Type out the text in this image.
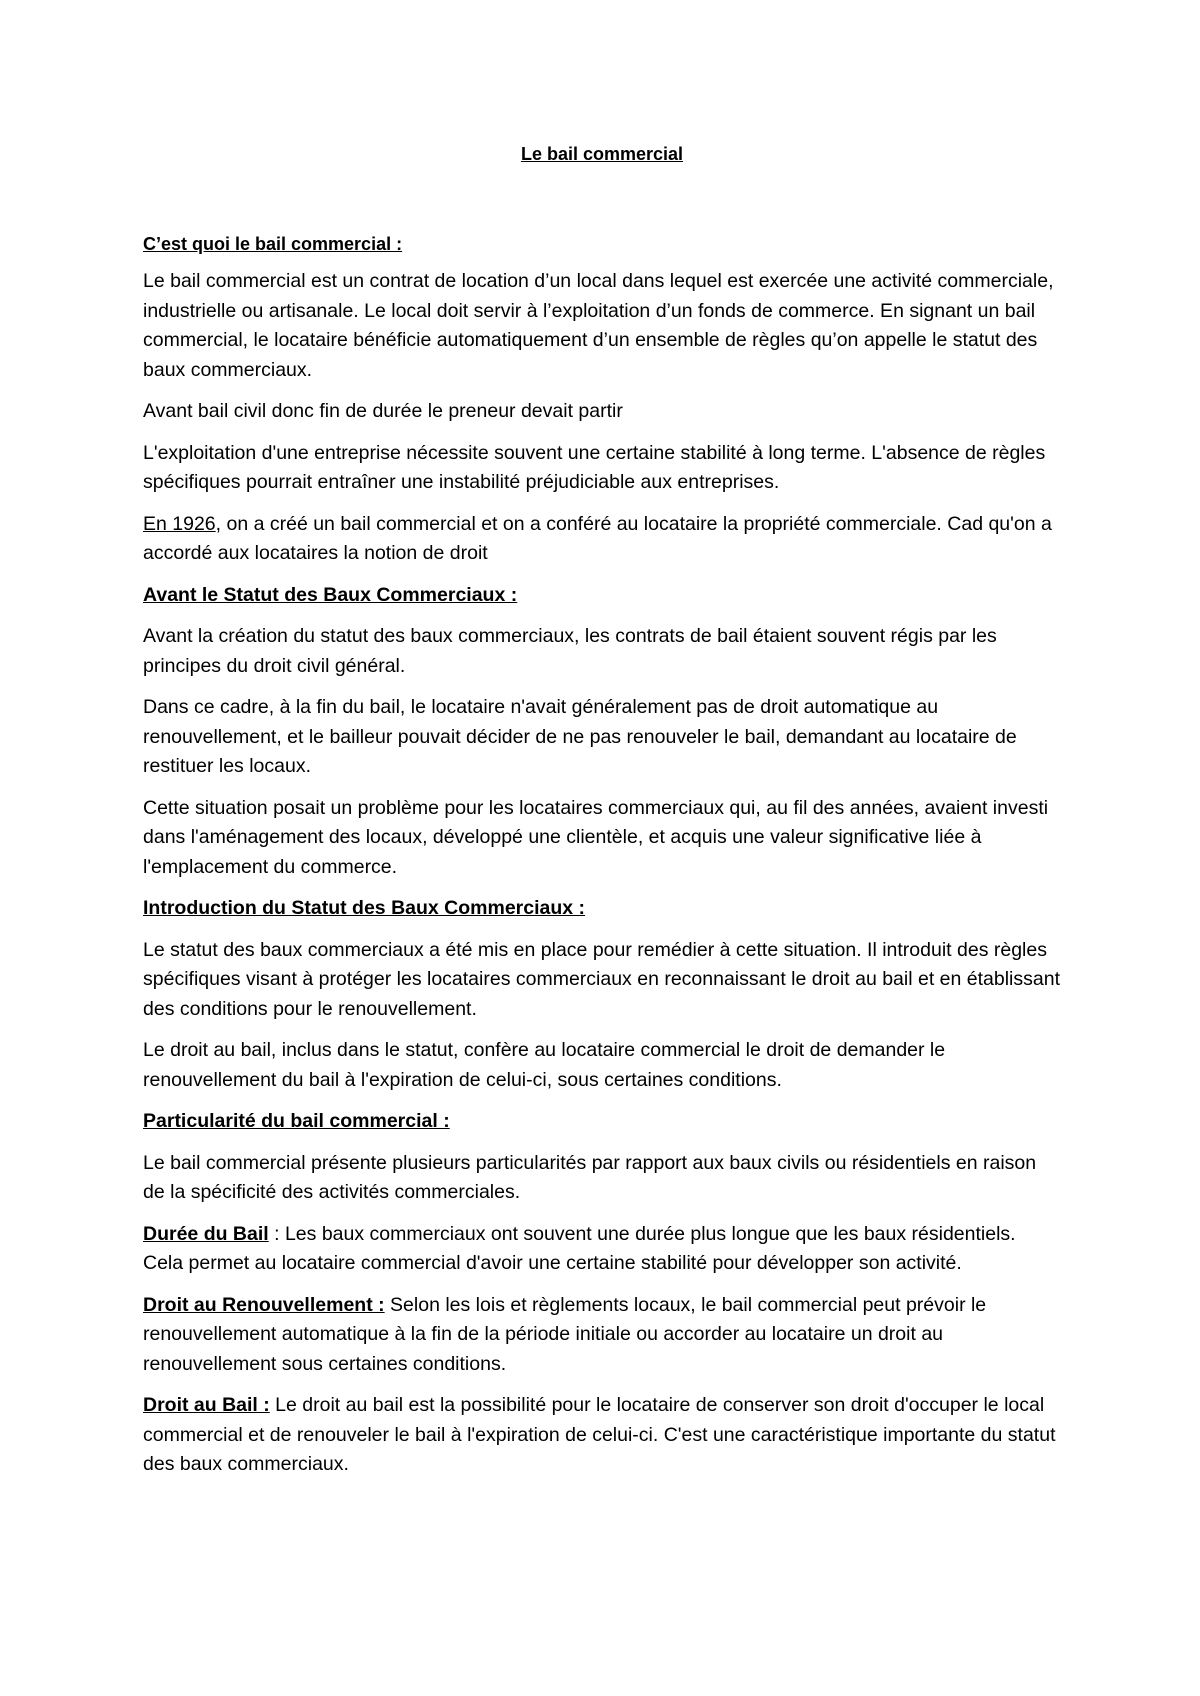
Le bail commercial
C’est quoi le bail commercial :

Le bail commercial est un contrat de location d’un local dans lequel est exercée une activité commerciale, industrielle ou artisanale. Le local doit servir à l’exploitation d’un fonds de commerce. En signant un bail commercial, le locataire bénéficie automatiquement d’un ensemble de règles qu’on appelle le statut des baux commerciaux.

Avant bail civil donc fin de durée le preneur devait partir

L'exploitation d'une entreprise nécessite souvent une certaine stabilité à long terme. L'absence de règles spécifiques pourrait entraîner une instabilité préjudiciable aux entreprises.

En 1926, on a créé un bail commercial et on a conféré au locataire la propriété commerciale. Cad qu'on a accordé aux locataires la notion de droit

Avant le Statut des Baux Commerciaux :

Avant la création du statut des baux commerciaux, les contrats de bail étaient souvent régis par les principes du droit civil général.

Dans ce cadre, à la fin du bail, le locataire n'avait généralement pas de droit automatique au renouvellement, et le bailleur pouvait décider de ne pas renouveler le bail, demandant au locataire de restituer les locaux.

Cette situation posait un problème pour les locataires commerciaux qui, au fil des années, avaient investi dans l'aménagement des locaux, développé une clientèle, et acquis une valeur significative liée à l'emplacement du commerce.

Introduction du Statut des Baux Commerciaux :

Le statut des baux commerciaux a été mis en place pour remédier à cette situation. Il introduit des règles spécifiques visant à protéger les locataires commerciaux en reconnaissant le droit au bail et en établissant des conditions pour le renouvellement.

Le droit au bail, inclus dans le statut, confère au locataire commercial le droit de demander le renouvellement du bail à l'expiration de celui-ci, sous certaines conditions.

Particularité du bail commercial :

Le bail commercial présente plusieurs particularités par rapport aux baux civils ou résidentiels en raison de la spécificité des activités commerciales.

Durée du Bail : Les baux commerciaux ont souvent une durée plus longue que les baux résidentiels. Cela permet au locataire commercial d'avoir une certaine stabilité pour développer son activité.

Droit au Renouvellement : Selon les lois et règlements locaux, le bail commercial peut prévoir le renouvellement automatique à la fin de la période initiale ou accorder au locataire un droit au renouvellement sous certaines conditions.

Droit au Bail : Le droit au bail est la possibilité pour le locataire de conserver son droit d'occuper le local commercial et de renouveler le bail à l'expiration de celui-ci. C'est une caractéristique importante du statut des baux commerciaux.
